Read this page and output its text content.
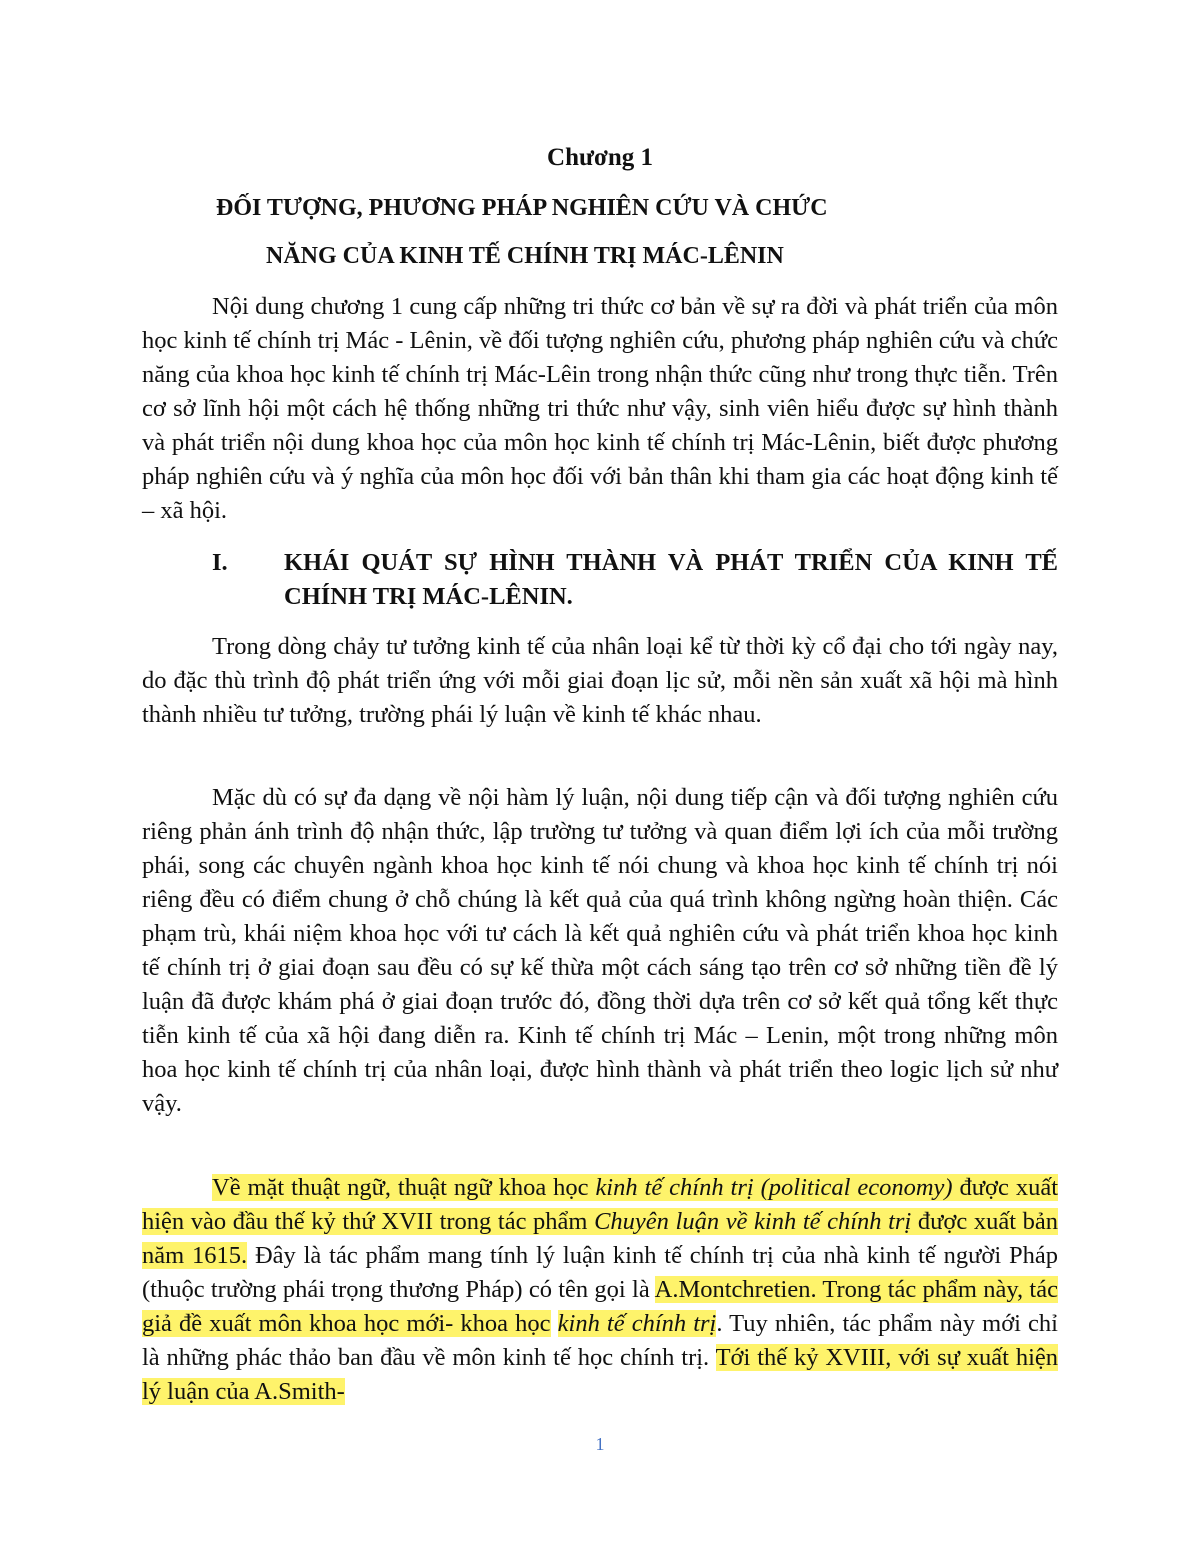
Chương 1
ĐỐI TƯỢNG, PHƯƠNG PHÁP NGHIÊN CỨU VÀ CHỨC
NĂNG CỦA KINH TẾ CHÍNH TRỊ MÁC-LÊNIN

Nội dung chương 1 cung cấp những tri thức cơ bản về sự ra đời và phát triển của môn học kinh tế chính trị Mác - Lênin, về đối tượng nghiên cứu, phương pháp nghiên cứu và chức năng của khoa học kinh tế chính trị Mác-Lêin trong nhận thức cũng như trong thực tiễn. Trên cơ sở lĩnh hội một cách hệ thống những tri thức như vậy, sinh viên hiểu được sự hình thành và phát triển nội dung khoa học của môn học kinh tế chính trị Mác-Lênin, biết được phương pháp nghiên cứu và ý nghĩa của môn học đối với bản thân khi tham gia các hoạt động kinh tế – xã hội.

I. KHÁI QUÁT SỰ HÌNH THÀNH VÀ PHÁT TRIỂN CỦA KINH TẾ CHÍNH TRỊ MÁC-LÊNIN.

Trong dòng chảy tư tưởng kinh tế của nhân loại kể từ thời kỳ cổ đại cho tới ngày nay, do đặc thù trình độ phát triển ứng với mỗi giai đoạn lịc sử, mỗi nền sản xuất xã hội mà hình thành nhiều tư tưởng, trường phái lý luận về kinh tế khác nhau.

Mặc dù có sự đa dạng về nội hàm lý luận, nội dung tiếp cận và đối tượng nghiên cứu riêng phản ánh trình độ nhận thức, lập trường tư tưởng và quan điểm lợi ích của mỗi trường phái, song các chuyên ngành khoa học kinh tế nói chung và khoa học kinh tế chính trị nói riêng đều có điểm chung ở chỗ chúng là kết quả của quá trình không ngừng hoàn thiện. Các phạm trù, khái niệm khoa học với tư cách là kết quả nghiên cứu và phát triển khoa học kinh tế chính trị ở giai đoạn sau đều có sự kế thừa một cách sáng tạo trên cơ sở những tiền đề lý luận đã được khám phá ở giai đoạn trước đó, đồng thời dựa trên cơ sở kết quả tổng kết thực tiễn kinh tế của xã hội đang diễn ra. Kinh tế chính trị Mác – Lenin, một trong những môn hoa học kinh tế chính trị của nhân loại, được hình thành và phát triển theo logic lịch sử như vậy.

Về mặt thuật ngữ, thuật ngữ khoa học kinh tế chính trị (political economy) được xuất hiện vào đầu thế kỷ thứ XVII trong tác phẩm Chuyên luận về kinh tế chính trị được xuất bản năm 1615. Đây là tác phẩm mang tính lý luận kinh tế chính trị của nhà kinh tế người Pháp (thuộc trường phái trọng thương Pháp) có tên gọi là A.Montchretien. Trong tác phẩm này, tác giả đề xuất môn khoa học mới- khoa học kinh tế chính trị. Tuy nhiên, tác phẩm này mới chỉ là những phác thảo ban đầu về môn kinh tế học chính trị. Tới thế kỷ XVIII, với sự xuất hiện lý luận của A.Smith-

1
